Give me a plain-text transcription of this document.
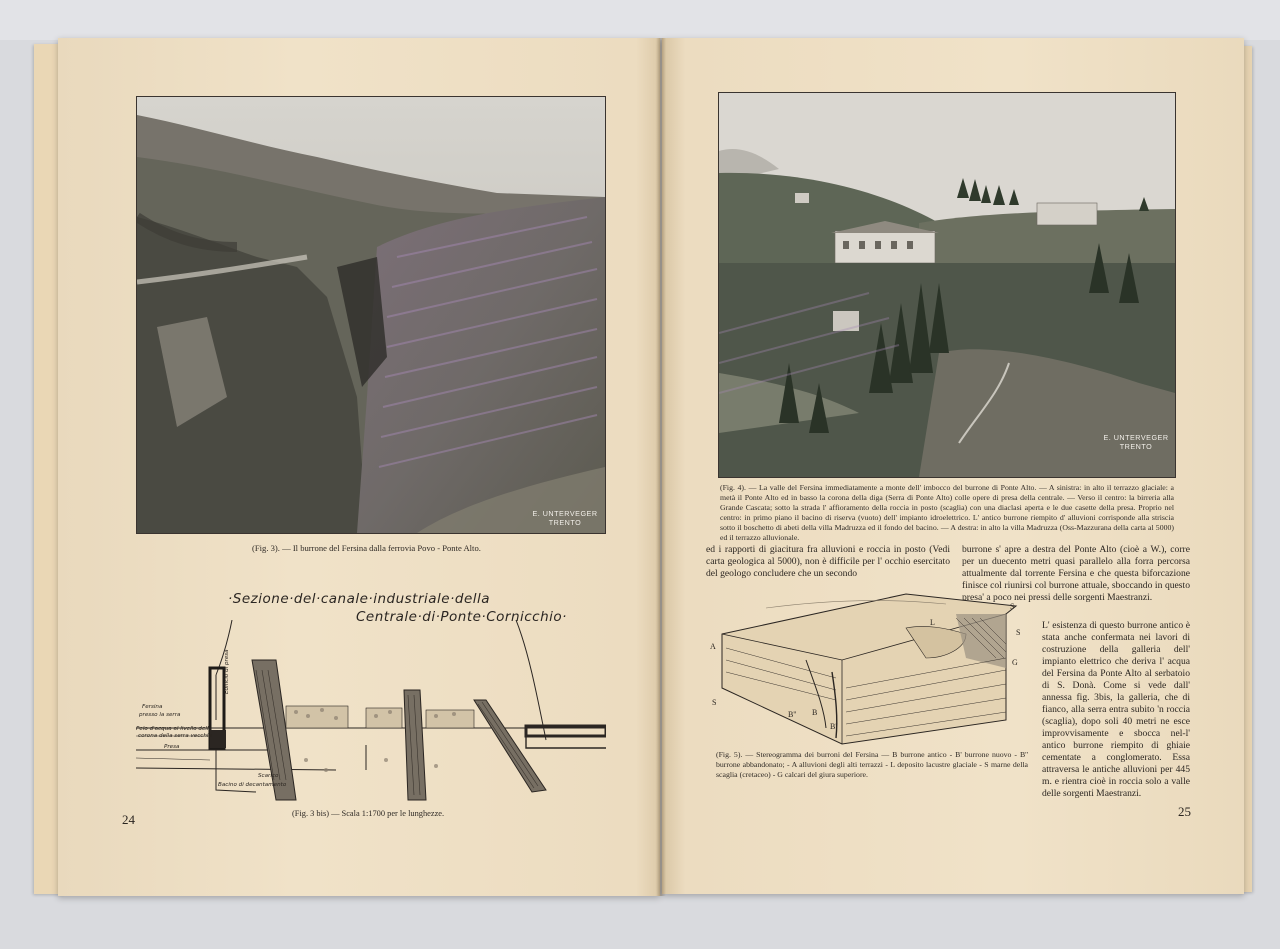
E. UNTERVEGER
TRENTO
(Fig. 3). — Il burrone del Fersina dalla ferrovia Povo - Ponte Alto.
·Sezione·del·canale·industriale·della
Centrale·di·Ponte·Cornicchio·
Fersina
presso la serra
Pelo d'acqua al livello della
corona della serra vecchia
Presa
Edificio di presa
Scarico
Bacino di decantamento
(Fig. 3 bis) — Scala 1:1700 per le lunghezze.
24
E. UNTERVEGER
TRENTO
(Fig. 4). — La valle del Fersina immediatamente a monte dell' imbocco del burrone di Ponte Alto. — A sinistra: in alto il terrazzo glaciale: a metà il Ponte Alto ed in basso la corona della diga (Serra di Ponte Alto) colle opere di presa della centrale. — Verso il centro: la birreria alla Grande Cascata; sotto la strada l' affioramento della roccia in posto (scaglia) con una diaclasi aperta e le due casette della presa. Proprio nel centro: in primo piano il bacino di riserva (vuoto) dell' impianto idroelettrico. L' antico burrone riempito d' alluvioni corrisponde alla striscia sotto il boschetto di abeti della villa Madruzza ed il fondo del bacino. — A destra: in alto la villa Madruzza (Oss-Mazzurana della carta al 5000) ed il terrazzo alluvionale.
ed i rapporti di giacitura fra alluvioni e roccia in posto (Vedi carta geologica al 5000), non è difficile per l' occhio esercitato del geologo concludere che un secondo
burrone s' apre a destra del Ponte Alto (cioè a W.), corre per un duecento metri quasi parallelo alla forra percorsa attualmente dal torrente Fersina e che questa biforcazione finisce col riunirsi col burrone attuale, sboccando in questo presa' a poco nei pressi delle sorgenti Maestranzi.
A
S
G
L
B
B'
B''
S
S
L' esistenza di questo burrone antico è stata anche confermata nei lavori di costruzione della galleria dell' impianto elettrico che deriva l' acqua del Fersina da Ponte Alto al serbatoio di S. Donà. Come si vede dall' annessa fig. 3bis, la galleria, che di fianco, alla serra entra subito 'n roccia (scaglia), dopo soli 40 metri ne esce improvvisamente e sbocca nel-l' antico burrone riempito di ghiaie cementate a conglomerato. Essa attraversa le antiche alluvioni per 445 m. e rientra cioè in roccia solo a valle delle sorgenti Maestranzi.
(Fig. 5). — Stereogramma dei burroni del Fersina — B burrone antico - B' burrone nuovo - B'' burrone abbandonato; - A alluvioni degli alti terrazzi - L deposito lacustre glaciale - S marne della scaglia (cretaceo) - G calcari del giura superiore.
25
